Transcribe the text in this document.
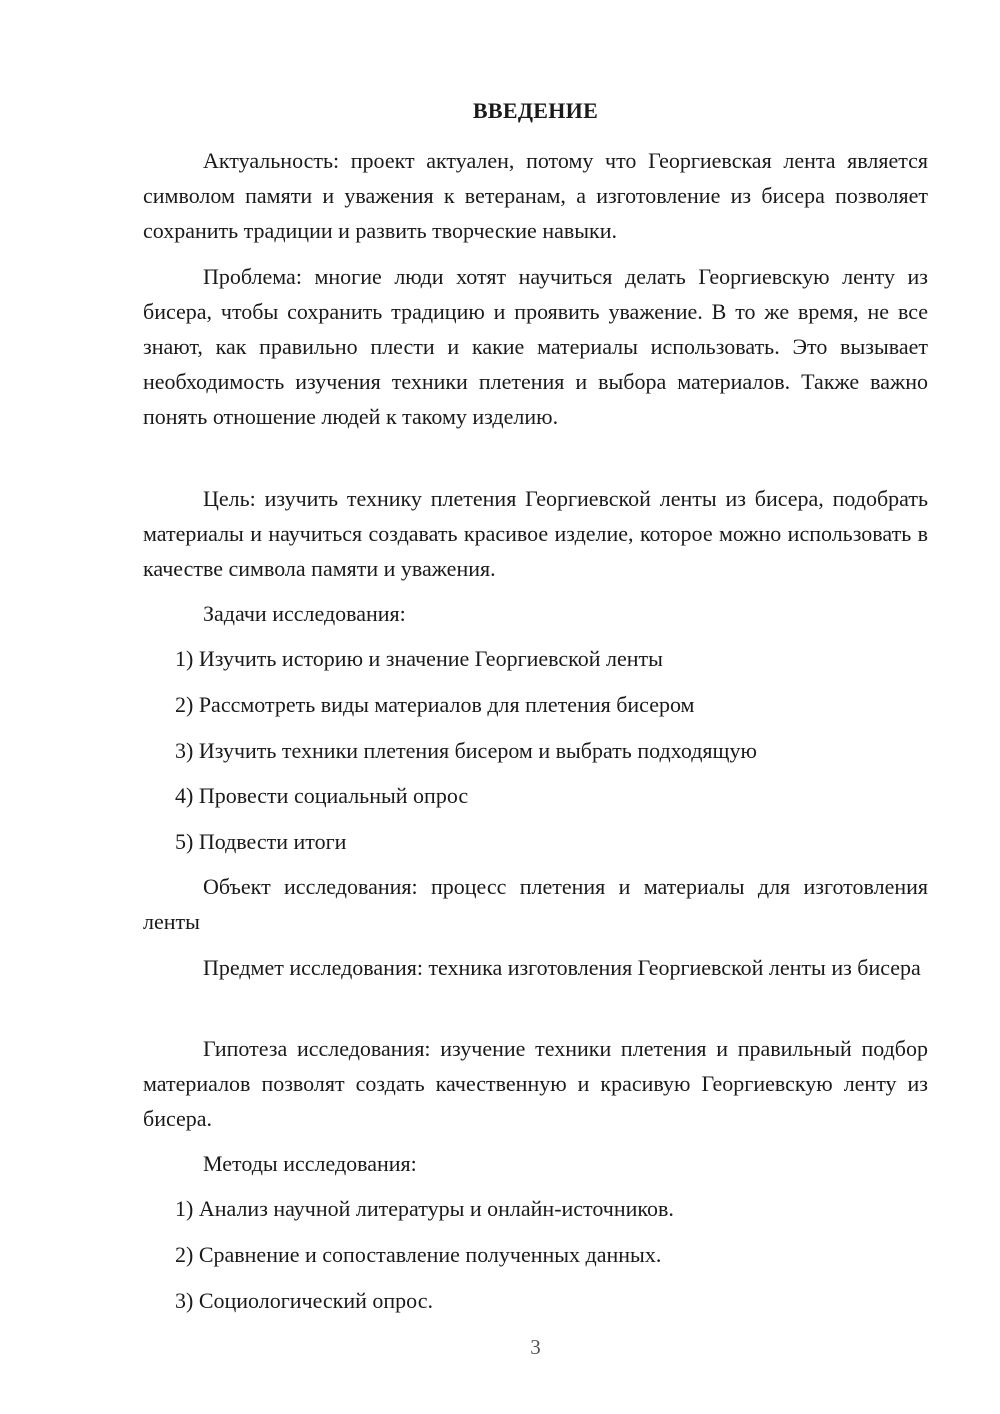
ВВЕДЕНИЕ

Актуальность: проект актуален, потому что Георгиевская лента является символом памяти и уважения к ветеранам, а изготовление из бисера позволяет сохранить традиции и развить творческие навыки.

Проблема: многие люди хотят научиться делать Георгиевскую ленту из бисера, чтобы сохранить традицию и проявить уважение. В то же время, не все знают, как правильно плести и какие материалы использовать. Это вызывает необходимость изучения техники плетения и выбора материалов. Также важно понять отношение людей к такому изделию.

Цель: изучить технику плетения Георгиевской ленты из бисера, подобрать материалы и научиться создавать красивое изделие, которое можно использовать в качестве символа памяти и уважения.

Задачи исследования:

1) Изучить историю и значение Георгиевской ленты

2) Рассмотреть виды материалов для плетения бисером

3) Изучить техники плетения бисером и выбрать подходящую

4) Провести социальный опрос

5) Подвести итоги

Объект исследования: процесс плетения и материалы для изготовления ленты

Предмет исследования: техника изготовления Георгиевской ленты из бисера

Гипотеза исследования: изучение техники плетения и правильный подбор материалов позволят создать качественную и красивую Георгиевскую ленту из бисера.

Методы исследования:

1) Анализ научной литературы и онлайн-источников.

2) Сравнение и сопоставление полученных данных.

3) Социологический опрос.

3
